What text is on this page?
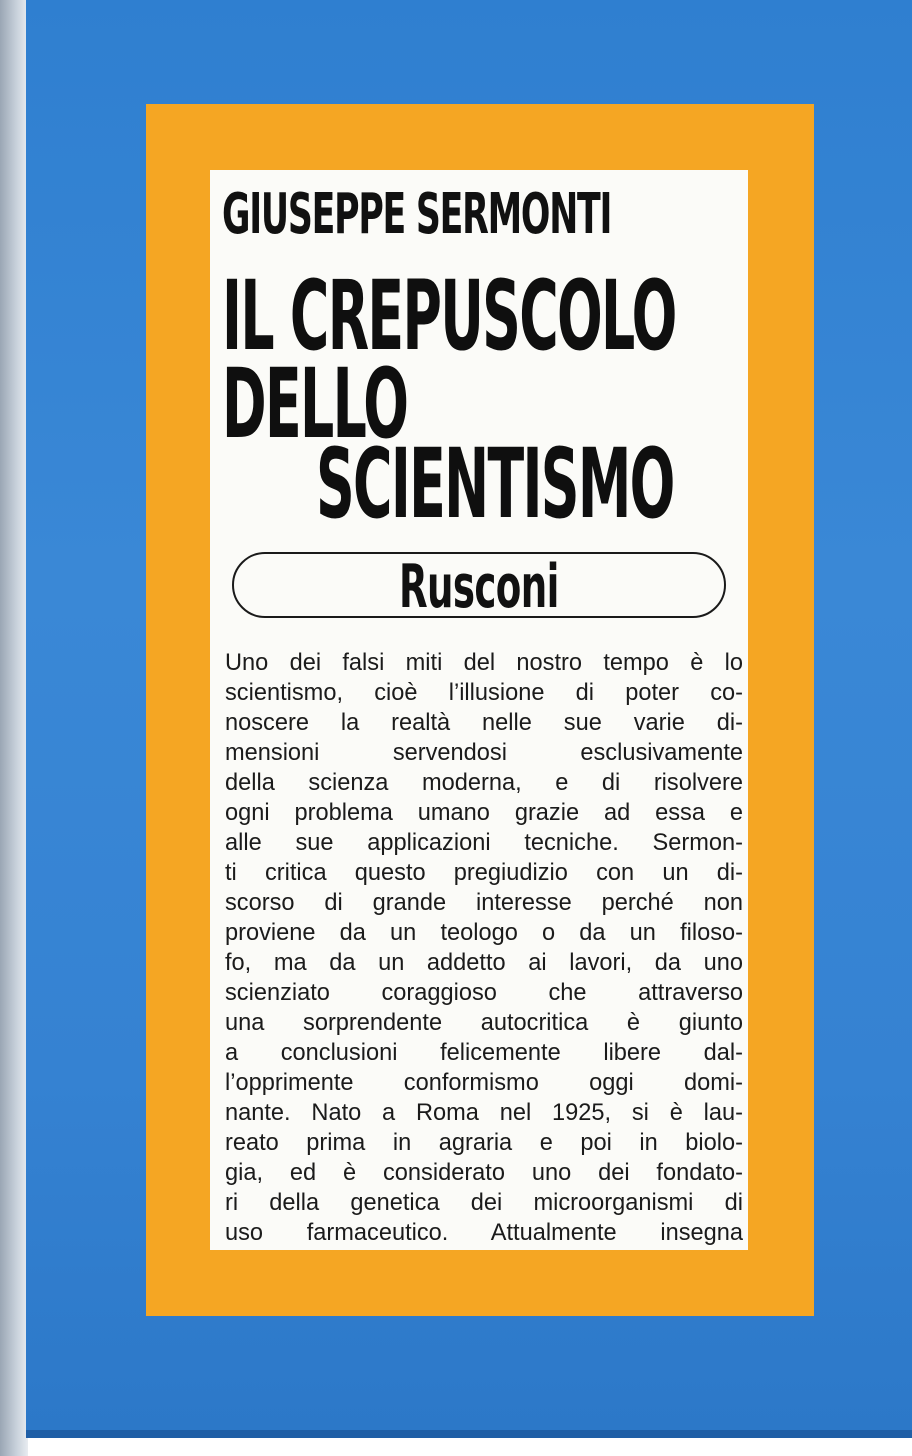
GIUSEPPE SERMONTI
IL CREPUSCOLO
DELLO
SCIENTISMO
Rusconi
Uno dei falsi miti del nostro tempo è lo
scientismo, cioè l’illusione di poter co-
noscere la realtà nelle sue varie di-
mensioni servendosi esclusivamente
della scienza moderna, e di risolvere
ogni problema umano grazie ad essa e
alle sue applicazioni tecniche. Sermon-
ti critica questo pregiudizio con un di-
scorso di grande interesse perché non
proviene da un teologo o da un filoso-
fo, ma da un addetto ai lavori, da uno
scienziato coraggioso che attraverso
una sorprendente autocritica è giunto
a conclusioni felicemente libere dal-
l’opprimente conformismo oggi domi-
nante. Nato a Roma nel 1925, si è lau-
reato prima in agraria e poi in biolo-
gia, ed è considerato uno dei fondato-
ri della genetica dei microorganismi di
uso farmaceutico. Attualmente insegna
